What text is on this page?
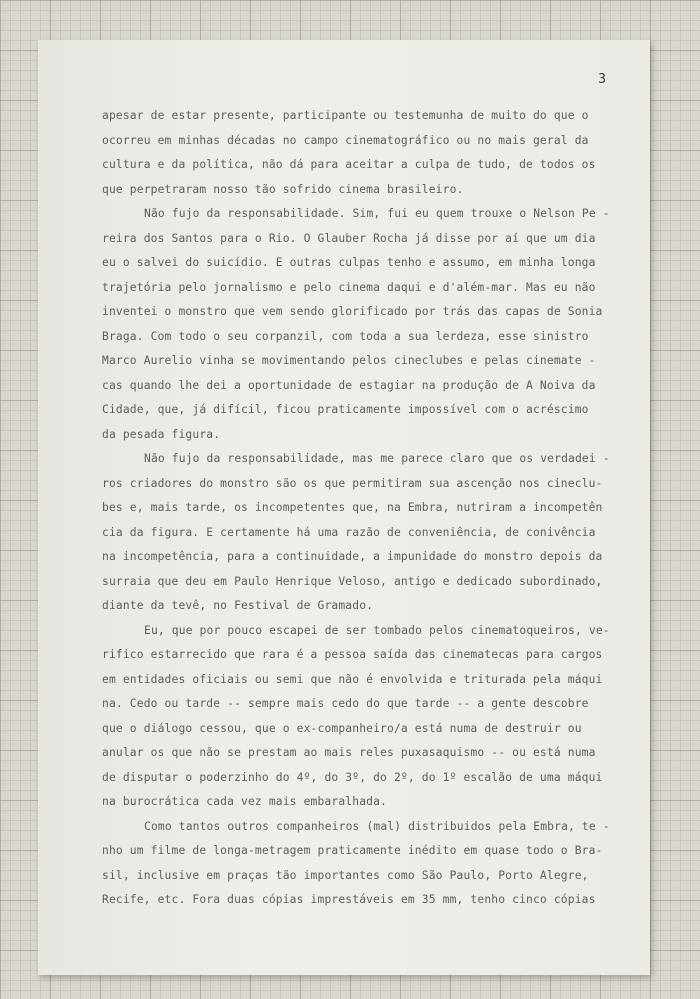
3
apesar de estar presente, participante ou testemunha de muito do que o
ocorreu em minhas décadas no campo cinematográfico ou no mais geral da
cultura e da política, não dá para aceitar a culpa de tudo, de todos os
que perpetraram nosso tão sofrido cinema brasileiro.
Não fujo da responsabilidade. Sim, fui eu quem trouxe o Nelson Pe -
reira dos Santos para o Rio. O Glauber Rocha já disse por aí que um dia
eu o salvei do suicídio. E outras culpas tenho e assumo, em minha longa
trajetória pelo jornalismo e pelo cinema daqui e d'além-mar. Mas eu não
inventei o monstro que vem sendo glorificado por trás das capas de Sonia
Braga. Com todo o seu corpanzil, com toda a sua lerdeza, esse sinistro
Marco Aurelio vinha se movimentando pelos cineclubes e pelas cinemate -
cas quando lhe dei a oportunidade de estagiar na produção de A Noiva da
Cidade, que, já difícil, ficou praticamente impossível com o acréscimo
da pesada figura.
Não fujo da responsabilidade, mas me parece claro que os verdadei -
ros criadores do monstro são os que permitiram sua ascenção nos cineclu-
bes e, mais tarde, os incompetentes que, na Embra, nutriram a incompetên
cia da figura. E certamente há uma razão de conveniência, de conivência
na incompetência, para a continuidade, a impunidade do monstro depois da
surraia que deu em Paulo Henrique Veloso, antigo e dedicado subordinado,
diante da tevê, no Festival de Gramado.
Eu, que por pouco escapei de ser tombado pelos cinematoqueiros, ve-
rifico estarrecido que rara é a pessoa saída das cinematecas para cargos
em entidades oficiais ou semi que não é envolvida e triturada pela máqui
na. Cedo ou tarde -- sempre mais cedo do que tarde -- a gente descobre
que o diálogo cessou, que o ex-companheiro/a está numa de destruir ou
anular os que não se prestam ao mais reles puxasaquismo -- ou está numa
de disputar o poderzinho do 4º, do 3º, do 2º, do 1º escalão de uma máqui
na burocrática cada vez mais embaralhada.
Como tantos outros companheiros (mal) distribuidos pela Embra, te -
nho um filme de longa-metragem praticamente inédito em quase todo o Bra-
sil, inclusive em praças tão importantes como São Paulo, Porto Alegre,
Recife, etc. Fora duas cópias imprestáveis em 35 mm, tenho cinco cópias
